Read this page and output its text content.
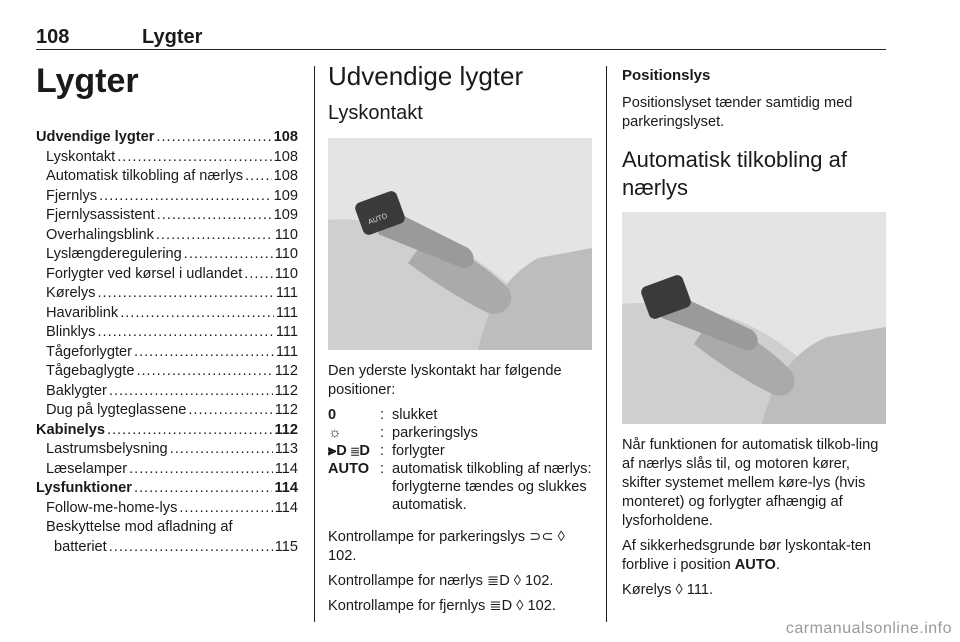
108	Lygter
Lygter
Udvendige lygter .....	108
Lyskontakt .....	108
Automatisk tilkobling af nærlys ..... 108
Fjernlys .....	109
Fjernlysassistent .....	109
Overhalingsblink .....	110
Lyslængderegulering .....	110
Forlygter ved kørsel i udlandet ..... 110
Kørelys .....	111
Havariblink .....	111
Blinklys .....	111
Tågeforlygter .....	111
Tågebaglygte .....	112
Baklygter .....	112
Dug på lygteglassene .....	112
Kabinelys .....	112
Lastrumsbelysning .....	113
Læselamper .....	114
Lysfunktioner .....	114
Follow-me-home-lys .....	114
Beskyttelse mod afladning af
batteriet .....	115
Udvendige lygter
Lyskontakt
AUTO
Den yderste lyskontakt har følgende positioner:
0	: slukket
☼	: parkeringslys
⫸D ≣D : forlygter
AUTO : automatisk tilkobling af nærlys: forlygterne tændes og slukkes automatisk.
Kontrollampe for parkeringslys ⊃⊂ ◊ 102.
Kontrollampe for nærlys ≣D ◊ 102.
Kontrollampe for fjernlys ≣D ◊ 102.
Positionslys
Positionslyset tænder samtidig med parkeringslyset.
Automatisk tilkobling af nærlys
Når funktionen for automatisk tilkob-ling af nærlys slås til, og motoren kører, skifter systemet mellem køre-lys (hvis monteret) og forlygter afhængig af lysforholdene.
Af sikkerhedsgrunde bør lyskontak-ten forblive i position AUTO.
Kørelys ◊ 111.
carmanualsonline.info
